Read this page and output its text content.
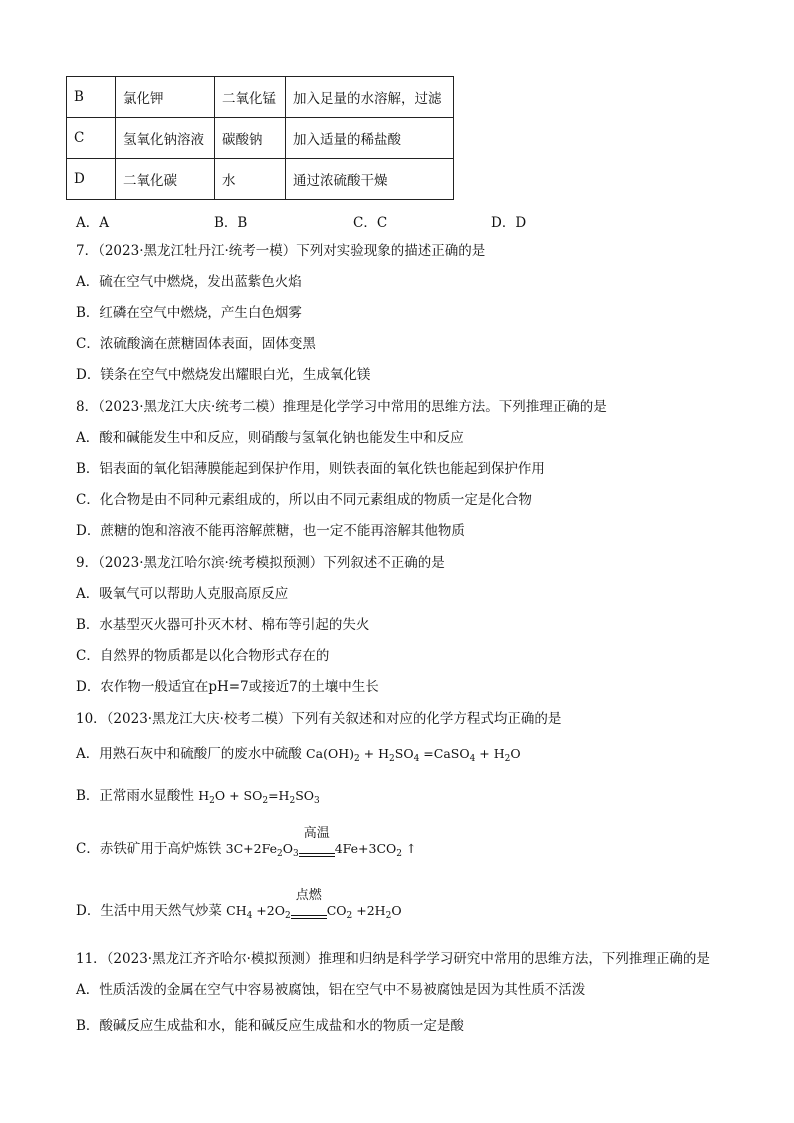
B	氯化钾	二氧化锰	加入足量的水溶解，过滤
C	氢氧化钠溶液	碳酸钠	加入适量的稀盐酸
D	二氧化碳	水	通过浓硫酸干燥
A．A	B．B	C．C	D．D
7．（2023·黑龙江牡丹江·统考一模）下列对实验现象的描述正确的是
A．硫在空气中燃烧，发出蓝紫色火焰
B．红磷在空气中燃烧，产生白色烟雾
C．浓硫酸滴在蔗糖固体表面，固体变黑
D．镁条在空气中燃烧发出耀眼白光，生成氧化镁
8．（2023·黑龙江大庆·统考二模）推理是化学学习中常用的思维方法。下列推理正确的是
A．酸和碱能发生中和反应，则硝酸与氢氧化钠也能发生中和反应
B．铝表面的氧化铝薄膜能起到保护作用，则铁表面的氧化铁也能起到保护作用
C．化合物是由不同种元素组成的，所以由不同元素组成的物质一定是化合物
D．蔗糖的饱和溶液不能再溶解蔗糖，也一定不能再溶解其他物质
9．（2023·黑龙江哈尔滨·统考模拟预测）下列叙述不正确的是
A．吸氧气可以帮助人克服高原反应
B．水基型灭火器可扑灭木材、棉布等引起的失火
C．自然界的物质都是以化合物形式存在的
D．农作物一般适宜在pH=7或接近7的土壤中生长
10．（2023·黑龙江大庆·校考二模）下列有关叙述和对应的化学方程式均正确的是
A．用熟石灰中和硫酸厂的废水中硫酸 $Ca(OH)_2 + H_2SO_4$ =CaSO$_4$ + $H_2O$
B．正常雨水显酸性 $H_2O + SO_2=H_2SO_3$
C．赤铁矿用于高炉炼铁 $3C+2Fe_2O_3$
高温
$4Fe+3CO_2$ ↑
D．生活中用天然气炒菜 $CH_4 +2O_2$
点燃
$CO_2 +2H_2O$
11．（2023·黑龙江齐齐哈尔·模拟预测）推理和归纳是科学学习研究中常用的思维方法，下列推理正确的是
A．性质活泼的金属在空气中容易被腐蚀，铝在空气中不易被腐蚀是因为其性质不活泼
B．酸碱反应生成盐和水，能和碱反应生成盐和水的物质一定是酸
